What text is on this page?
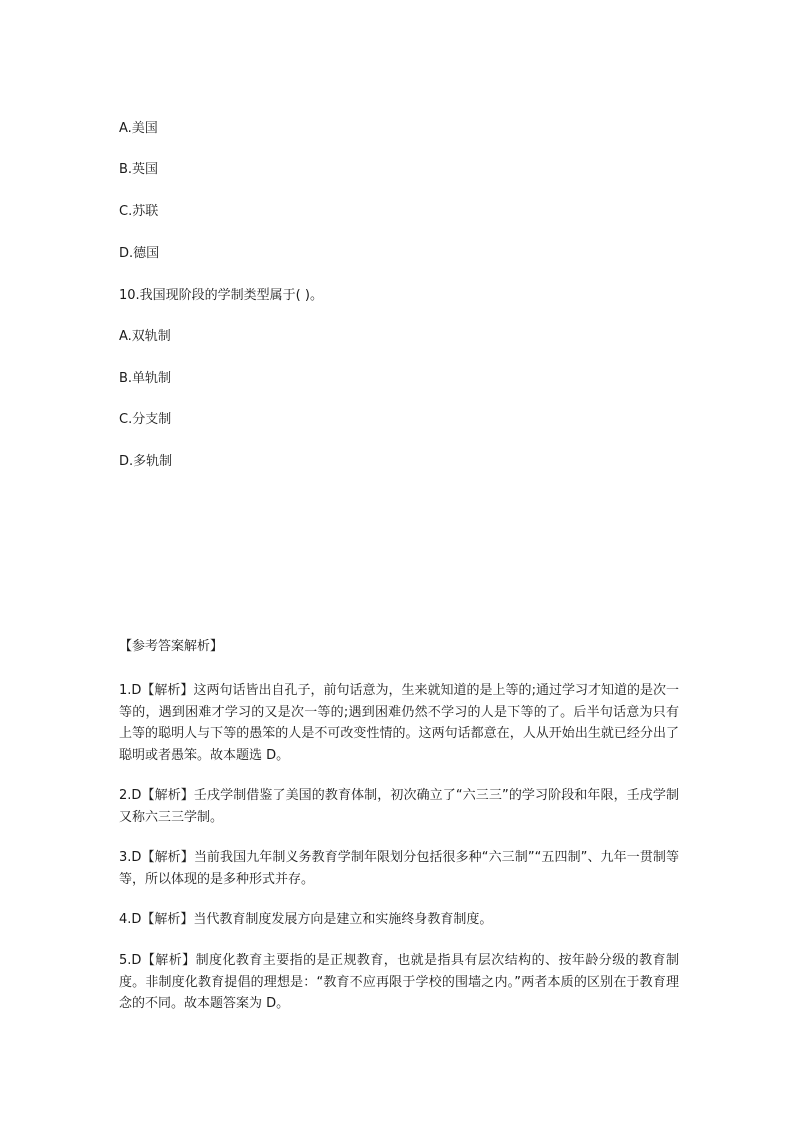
A.美国
B.英国
C.苏联
D.德国
10.我国现阶段的学制类型属于( )。
A.双轨制
B.单轨制
C.分支制
D.多轨制
【参考答案解析】
1.D【解析】这两句话皆出自孔子，前句话意为，生来就知道的是上等的;通过学习才知道的是次一等的，遇到困难才学习的又是次一等的;遇到困难仍然不学习的人是下等的了。后半句话意为只有上等的聪明人与下等的愚笨的人是不可改变性情的。这两句话都意在，人从开始出生就已经分出了聪明或者愚笨。故本题选 D。
2.D【解析】壬戌学制借鉴了美国的教育体制，初次确立了“六三三”的学习阶段和年限，壬戌学制又称六三三学制。
3.D【解析】当前我国九年制义务教育学制年限划分包括很多种“六三制”“五四制”、九年一贯制等等，所以体现的是多种形式并存。
4.D【解析】当代教育制度发展方向是建立和实施终身教育制度。
5.D【解析】制度化教育主要指的是正规教育，也就是指具有层次结构的、按年龄分级的教育制度。非制度化教育提倡的理想是：“教育不应再限于学校的围墙之内。”两者本质的区别在于教育理念的不同。故本题答案为 D。
